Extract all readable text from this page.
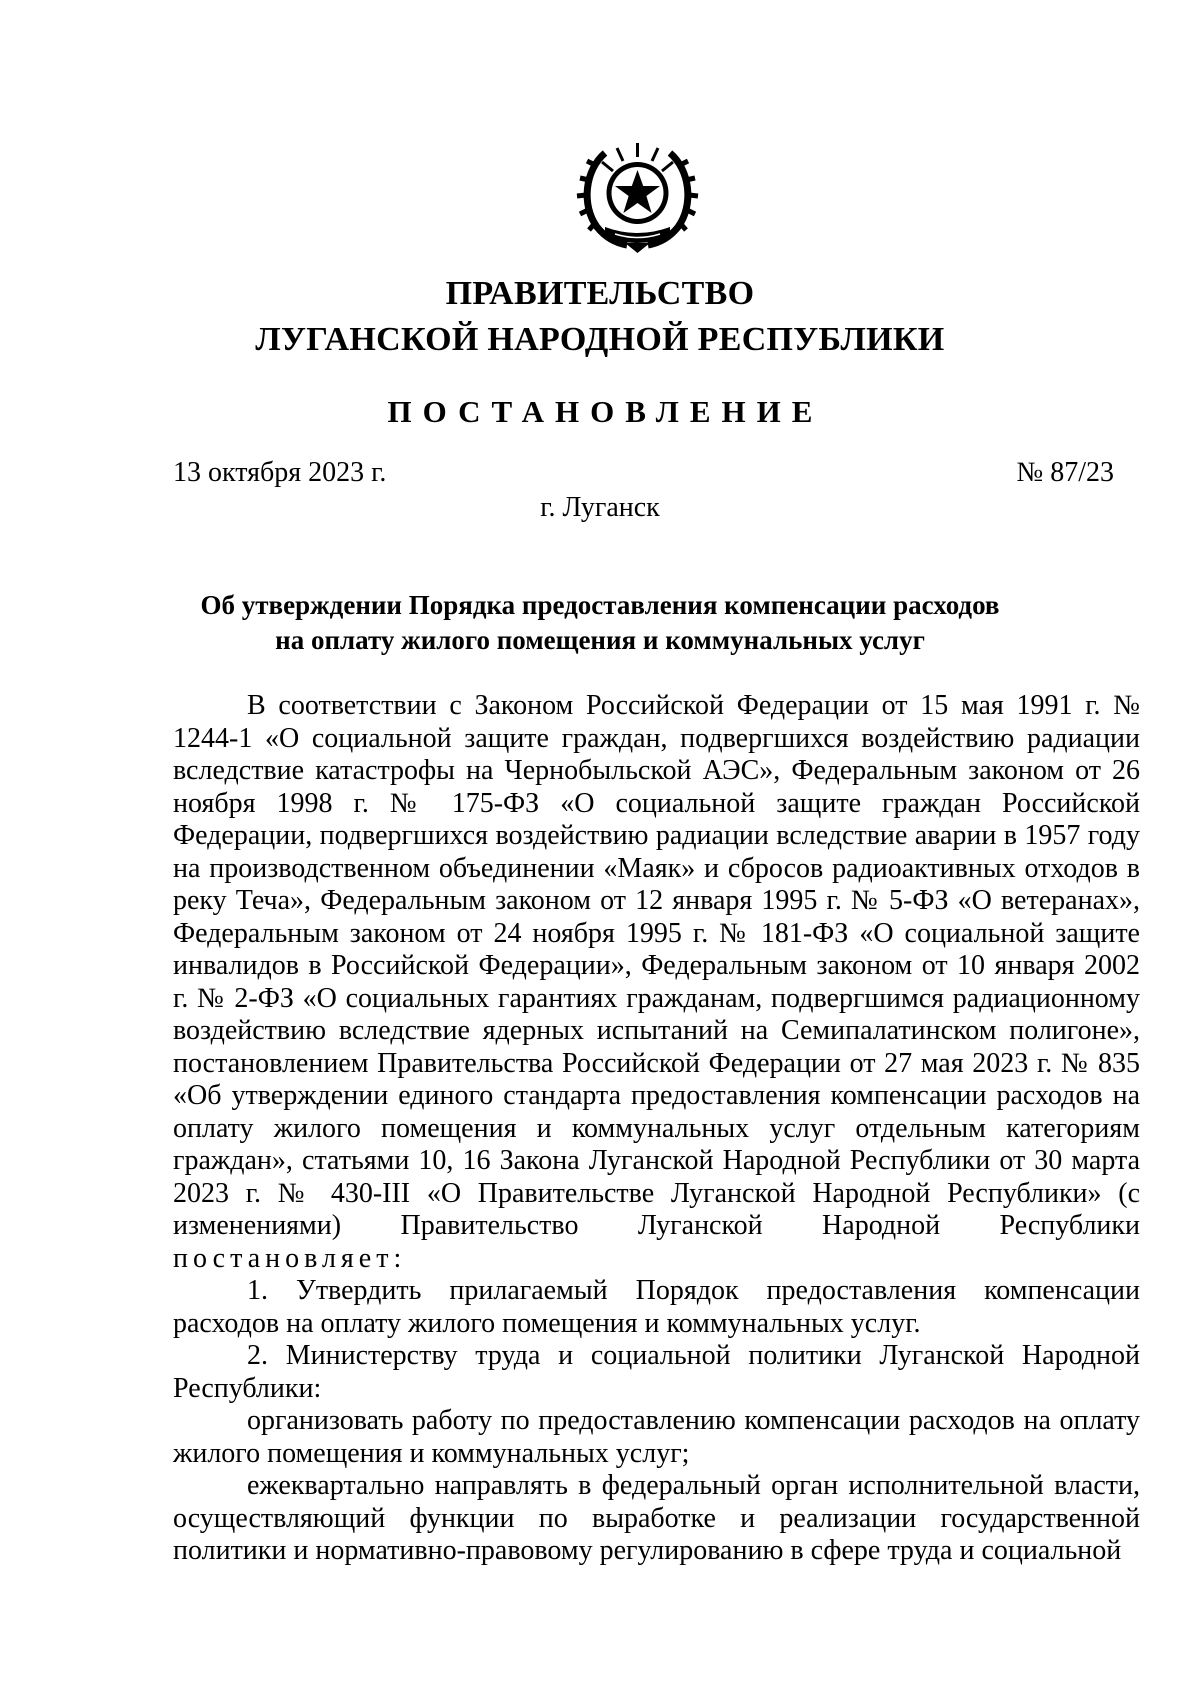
ПРАВИТЕЛЬСТВО
ЛУГАНСКОЙ НАРОДНОЙ РЕСПУБЛИКИ
ПОСТАНОВЛЕНИЕ
13 октября 2023 г.	№ 87/23
г. Луганск
Об утверждении Порядка предоставления компенсации расходов
на оплату жилого помещения и коммунальных услуг

В соответствии с Законом Российской Федерации от 15 мая 1991 г. № 1244-1 «О социальной защите граждан, подвергшихся воздействию радиации вследствие катастрофы на Чернобыльской АЭС», Федеральным законом от 26 ноября 1998 г. № 175-ФЗ «О социальной защите граждан Российской Федерации, подвергшихся воздействию радиации вследствие аварии в 1957 году на производственном объединении «Маяк» и сбросов радиоактивных отходов в реку Теча», Федеральным законом от 12 января 1995 г. № 5-ФЗ «О ветеранах», Федеральным законом от 24 ноября 1995 г. № 181-ФЗ «О социальной защите инвалидов в Российской Федерации», Федеральным законом от 10 января 2002 г. № 2-ФЗ «О социальных гарантиях гражданам, подвергшимся радиационному воздействию вследствие ядерных испытаний на Семипалатинском полигоне», постановлением Правительства Российской Федерации от 27 мая 2023 г. № 835 «Об утверждении единого стандарта предоставления компенсации расходов на оплату жилого помещения и коммунальных услуг отдельным категориям граждан», статьями 10, 16 Закона Луганской Народной Республики от 30 марта 2023 г. № 430-III «О Правительстве Луганской Народной Республики» (с изменениями) Правительство Луганской Народной Республики постановляет:

1. Утвердить прилагаемый Порядок предоставления компенсации расходов на оплату жилого помещения и коммунальных услуг.

2. Министерству труда и социальной политики Луганской Народной Республики:

организовать работу по предоставлению компенсации расходов на оплату жилого помещения и коммунальных услуг;

ежеквартально направлять в федеральный орган исполнительной власти, осуществляющий функции по выработке и реализации государственной политики и нормативно-правовому регулированию в сфере труда и социальной
